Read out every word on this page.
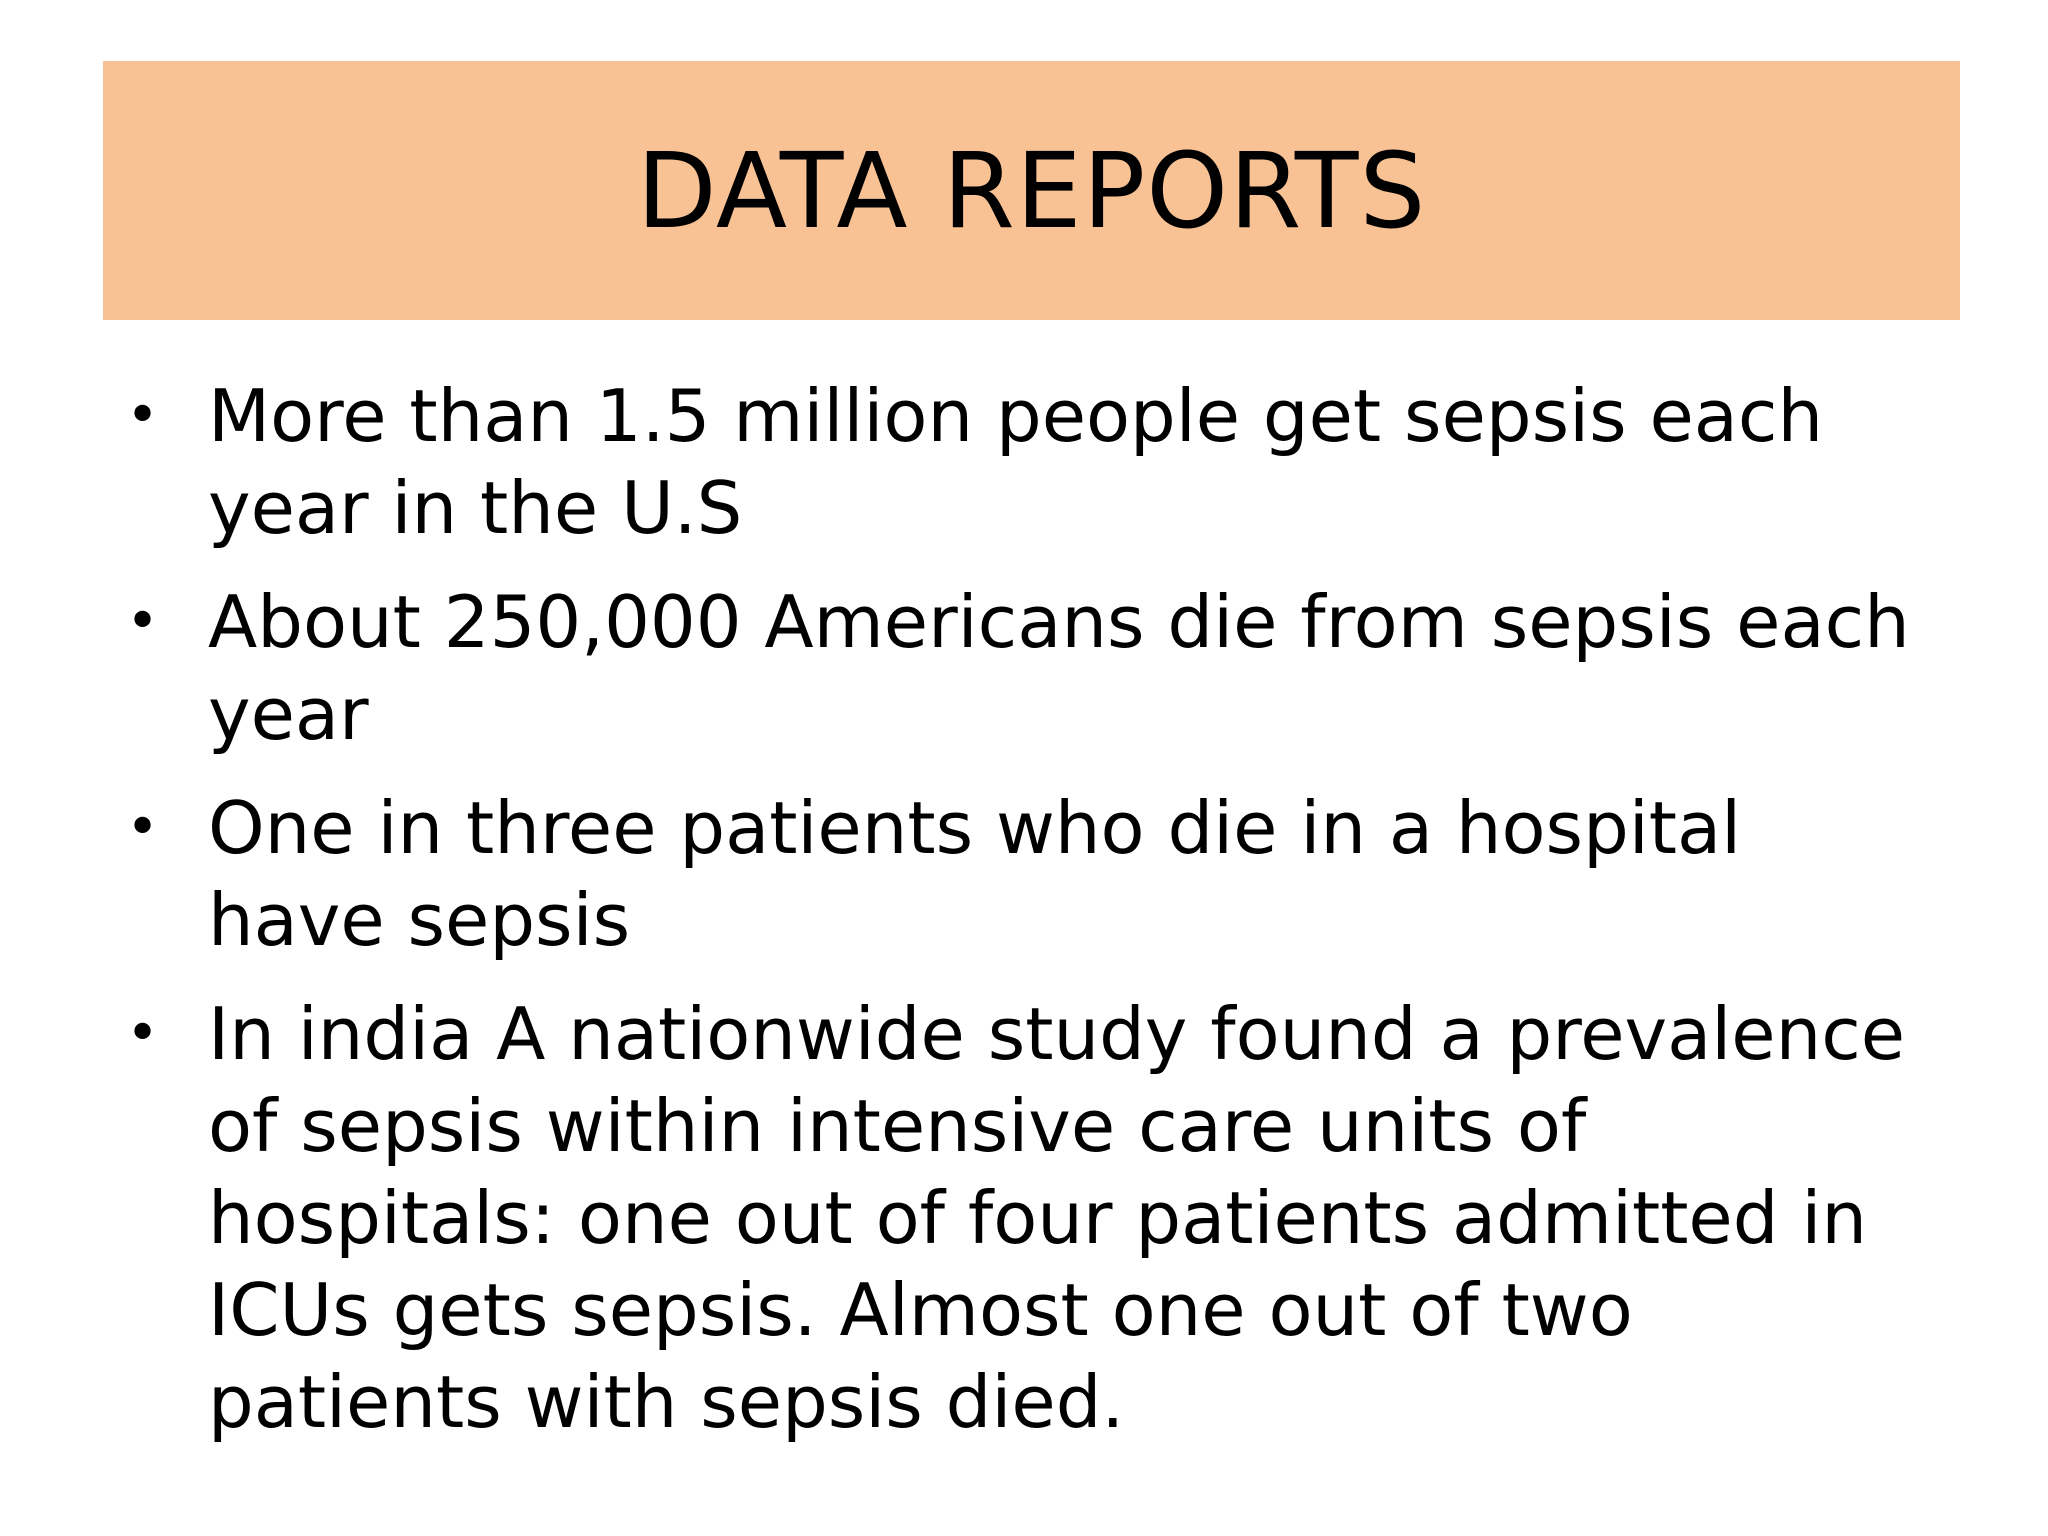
DATA REPORTS
• More than 1.5 million people get sepsis each year in the U.S
• About 250,000 Americans die from sepsis each year
• One in three patients who die in a hospital have sepsis
• In india A nationwide study found a prevalence of sepsis within intensive care units of hospitals: one out of four patients admitted in ICUs gets sepsis. Almost one out of two patients with sepsis died.
